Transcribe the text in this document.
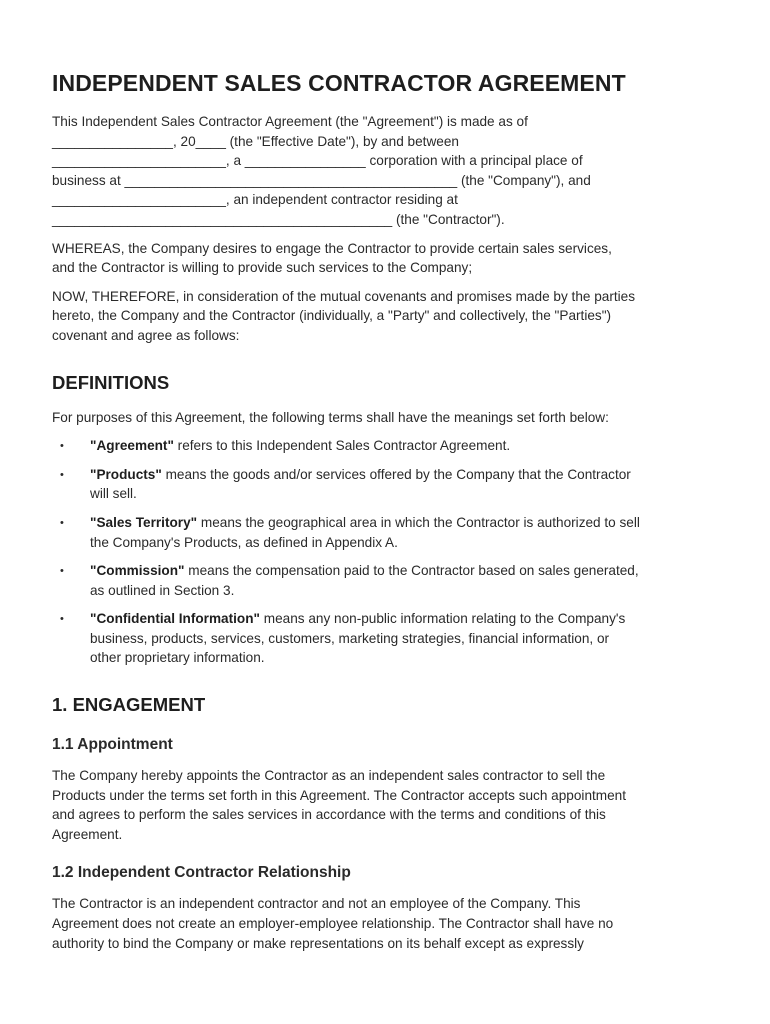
INDEPENDENT SALES CONTRACTOR AGREEMENT

This Independent Sales Contractor Agreement (the "Agreement") is made as of
________________, 20____ (the "Effective Date"), by and between
_______________________, a ________________ corporation with a principal place of
business at ____________________________________________ (the "Company"), and
_______________________, an independent contractor residing at
_____________________________________________ (the "Contractor").

WHEREAS, the Company desires to engage the Contractor to provide certain sales services,
and the Contractor is willing to provide such services to the Company;

NOW, THEREFORE, in consideration of the mutual covenants and promises made by the parties
hereto, the Company and the Contractor (individually, a "Party" and collectively, the "Parties")
covenant and agree as follows:

DEFINITIONS

For purposes of this Agreement, the following terms shall have the meanings set forth below:

• "Agreement" refers to this Independent Sales Contractor Agreement.
• "Products" means the goods and/or services offered by the Company that the Contractor
will sell.
• "Sales Territory" means the geographical area in which the Contractor is authorized to sell
the Company's Products, as defined in Appendix A.
• "Commission" means the compensation paid to the Contractor based on sales generated,
as outlined in Section 3.
• "Confidential Information" means any non-public information relating to the Company's
business, products, services, customers, marketing strategies, financial information, or
other proprietary information.
1. ENGAGEMENT
1.1 Appointment

The Company hereby appoints the Contractor as an independent sales contractor to sell the
Products under the terms set forth in this Agreement. The Contractor accepts such appointment
and agrees to perform the sales services in accordance with the terms and conditions of this
Agreement.

1.2 Independent Contractor Relationship

The Contractor is an independent contractor and not an employee of the Company. This
Agreement does not create an employer-employee relationship. The Contractor shall have no
authority to bind the Company or make representations on its behalf except as expressly
